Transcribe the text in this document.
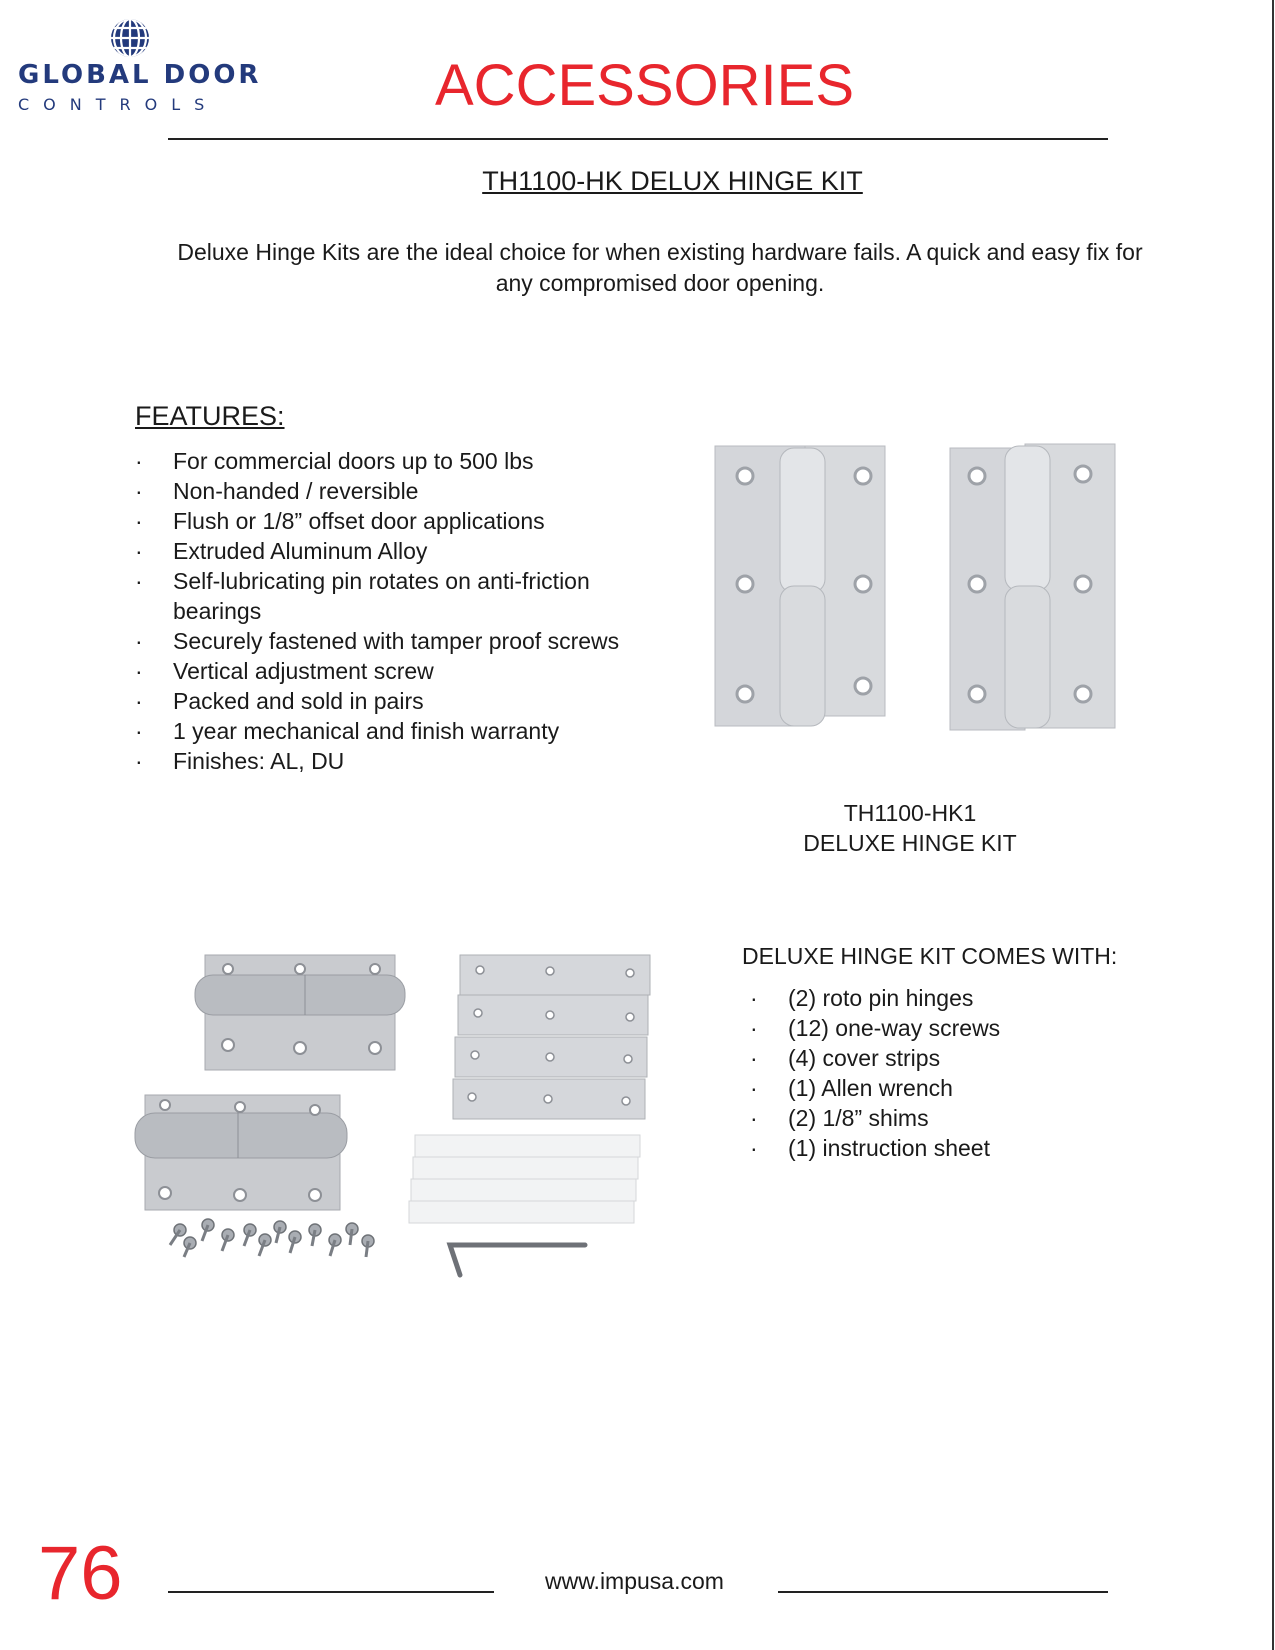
GLOBAL DOOR
CONTROLS	ACCESSORIES
TH1100-HK DELUX HINGE KIT
Deluxe Hinge Kits are the ideal choice for when existing hardware fails. A quick and easy fix for any compromised door opening.
FEATURES:
· For commercial doors up to 500 lbs
· Non-handed / reversible
· Flush or 1/8” offset door applications
· Extruded Aluminum Alloy
· Self-lubricating pin rotates on anti-friction bearings
· Securely fastened with tamper proof screws
· Vertical adjustment screw
· Packed and sold in pairs
· 1 year mechanical and finish warranty
· Finishes: AL, DU
TH1100-HK1
DELUXE HINGE KIT
DELUXE HINGE KIT COMES WITH:
· (2) roto pin hinges
· (12) one-way screws
· (4) cover strips
· (1) Allen wrench
· (2) 1/8” shims
· (1) instruction sheet
76	www.impusa.com
